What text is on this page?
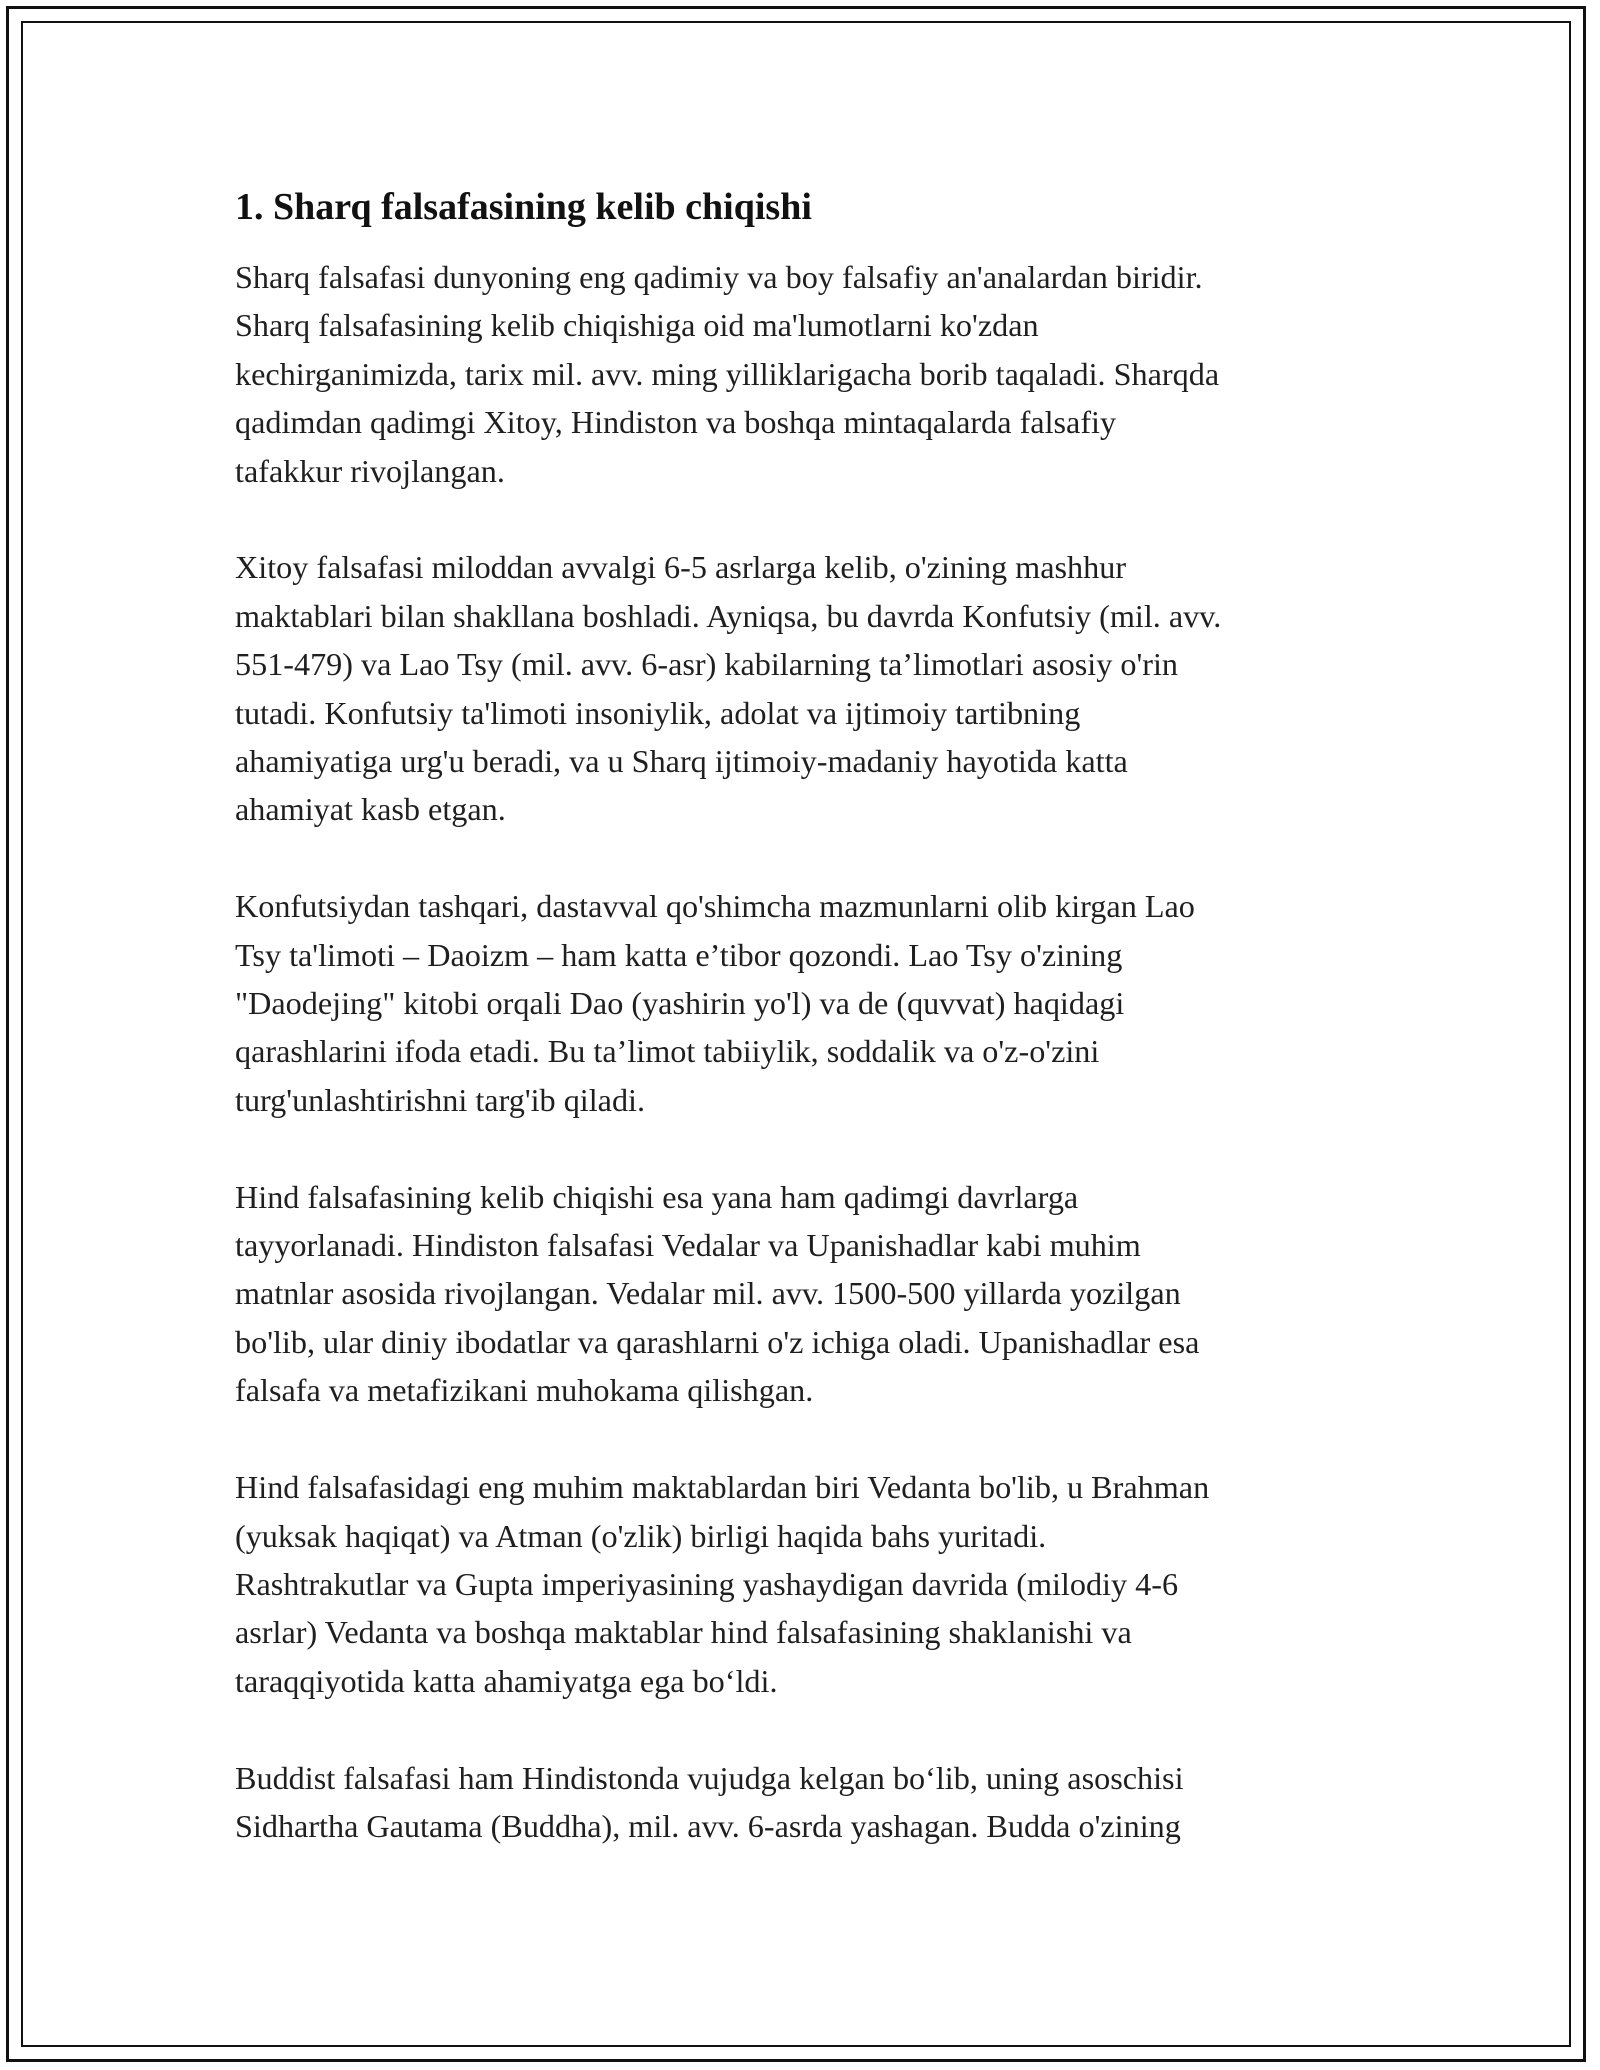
1. Sharq falsafasining kelib chiqishi

Sharq falsafasi dunyoning eng qadimiy va boy falsafiy an'analardan biridir.
Sharq falsafasining kelib chiqishiga oid ma'lumotlarni ko'zdan
kechirganimizda, tarix mil. avv. ming yilliklarigacha borib taqaladi. Sharqda
qadimdan qadimgi Xitoy, Hindiston va boshqa mintaqalarda falsafiy
tafakkur rivojlangan.

Xitoy falsafasi miloddan avvalgi 6-5 asrlarga kelib, o'zining mashhur
maktablari bilan shakllana boshladi. Ayniqsa, bu davrda Konfutsiy (mil. avv.
551-479) va Lao Tsy (mil. avv. 6-asr) kabilarning ta’limotlari asosiy o'rin
tutadi. Konfutsiy ta'limoti insoniylik, adolat va ijtimoiy tartibning
ahamiyatiga urg'u beradi, va u Sharq ijtimoiy-madaniy hayotida katta
ahamiyat kasb etgan.

Konfutsiydan tashqari, dastavval qo'shimcha mazmunlarni olib kirgan Lao
Tsy ta'limoti – Daoizm – ham katta e’tibor qozondi. Lao Tsy o'zining
"Daodejing" kitobi orqali Dao (yashirin yo'l) va de (quvvat) haqidagi
qarashlarini ifoda etadi. Bu ta’limot tabiiylik, soddalik va o'z-o'zini
turg'unlashtirishni targ'ib qiladi.

Hind falsafasining kelib chiqishi esa yana ham qadimgi davrlarga
tayyorlanadi. Hindiston falsafasi Vedalar va Upanishadlar kabi muhim
matnlar asosida rivojlangan. Vedalar mil. avv. 1500-500 yillarda yozilgan
bo'lib, ular diniy ibodatlar va qarashlarni o'z ichiga oladi. Upanishadlar esa
falsafa va metafizikani muhokama qilishgan.

Hind falsafasidagi eng muhim maktablardan biri Vedanta bo'lib, u Brahman
(yuksak haqiqat) va Atman (o'zlik) birligi haqida bahs yuritadi.
Rashtrakutlar va Gupta imperiyasining yashaydigan davrida (milodiy 4-6
asrlar) Vedanta va boshqa maktablar hind falsafasining shaklanishi va
taraqqiyotida katta ahamiyatga ega bo‘ldi.

Buddist falsafasi ham Hindistonda vujudga kelgan bo‘lib, uning asoschisi
Sidhartha Gautama (Buddha), mil. avv. 6-asrda yashagan. Budda o'zining
